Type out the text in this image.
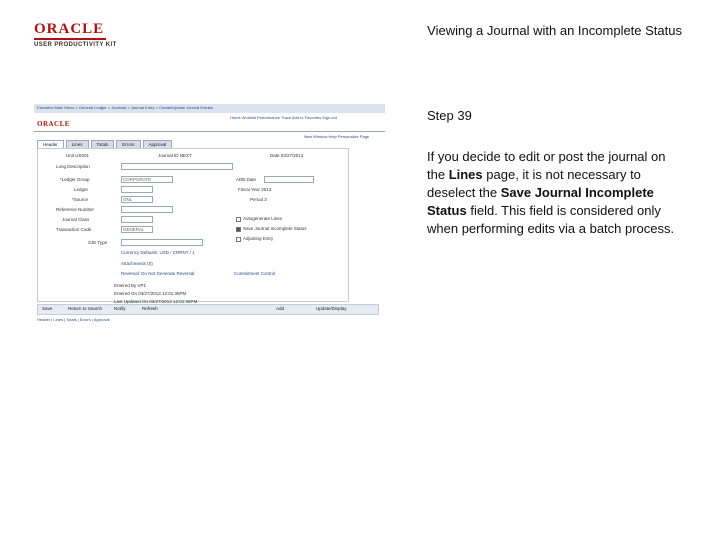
ORACLE
USER PRODUCTIVITY KIT
Viewing a Journal with an Incomplete Status
Favorites Main Menu > General Ledger > Journals > Journal Entry > Create/Update Journal Entries
Home Worklist Performance Trace Add to Favorites Sign out
ORACLE
New Window Help Personalize Page
Header	Lines	Totals	Errors	Approval
Unit US001	Journal ID NEXT	Date 03/27/2013
Long Description
*Ledger Group	CORPORATE
Ledger
*Source	ONL
ADB Date
Fiscal Year 2013
Period 3
Reference Number
Journal Class
Transaction Code	GENERAL
SJE Type
Autogenerate Lines
Save Journal Incomplete Status
Adjusting Entry
Currency Defaults: USD / CRRNT / 1
Attachments (0)
Reversal: Do Not Generate Reversal	Commitment Control
Entered By VP1
Entered On 03/27/2013 12:01:36PM
Last Updated On 03/27/2013 12:01:36PM
Save	Return to Search	Notify	Refresh	Add	Update/Display
Header | Lines | Totals | Errors | Approval
Step 39
If you decide to edit or post the journal on the Lines page, it is not necessary to deselect the Save Journal Incomplete Status field. This field is considered only when performing edits via a batch process.
